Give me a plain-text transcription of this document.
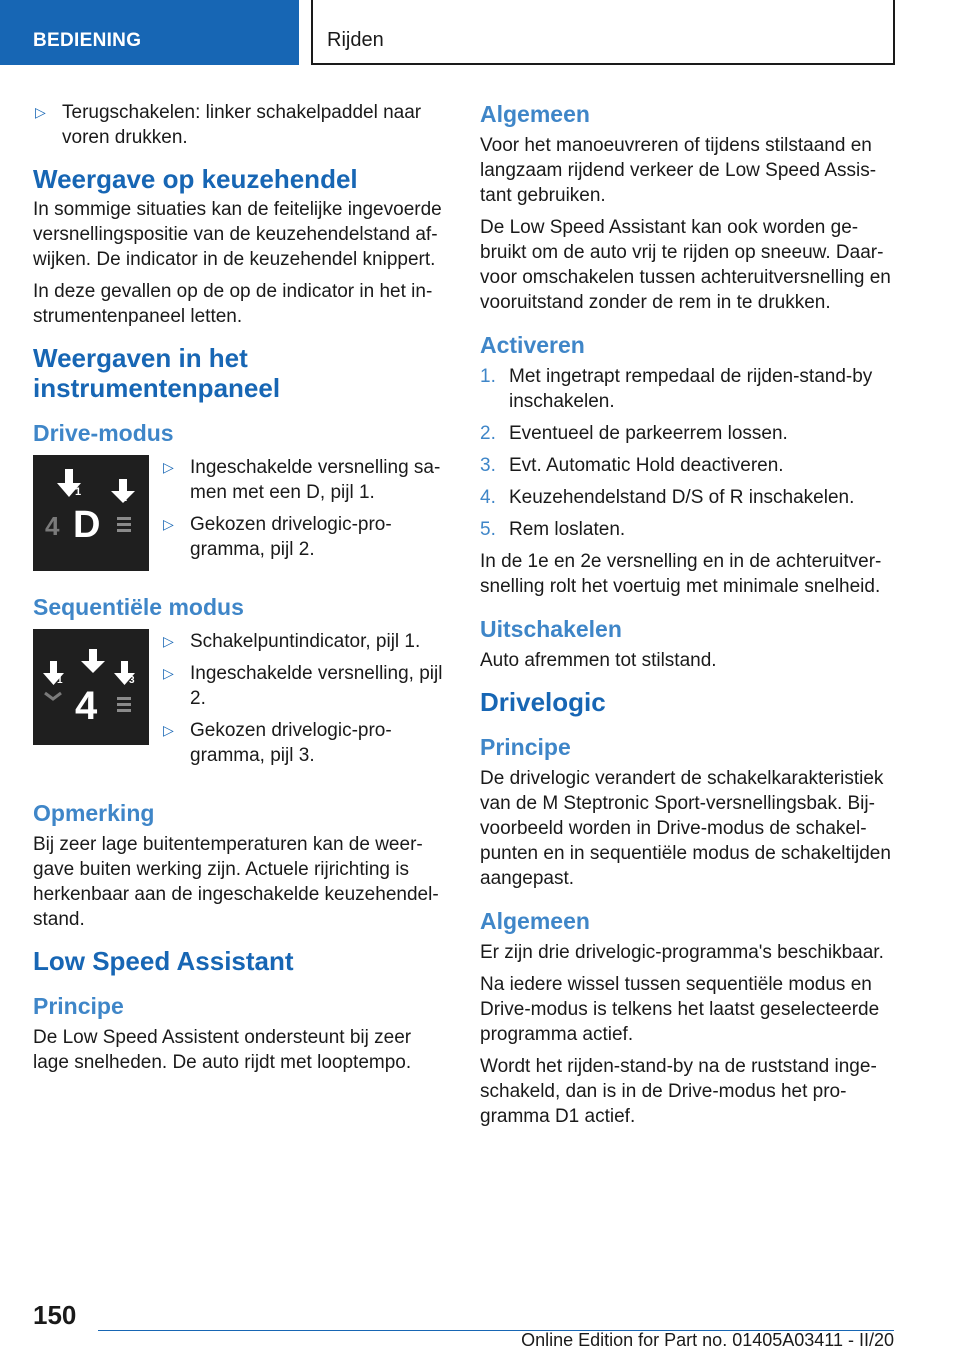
BEDIENING	Rijden
▷ Terugschakelen: linker schakelpaddel naar voren drukken.
Weergave op keuzehendel

In sommige situaties kan de feitelijke ingevoerde versnellingspositie van de keuzehendelstand afwijken. De indicator in de keuzehendel knippert.

In deze gevallen op de op de indicator in het instrumentenpaneel letten.

Weergaven in het instrumentenpaneel
Drive-modus
1	2
4 D
▷ Ingeschakelde versnelling samen met een D, pijl 1.
▷ Gekozen drivelogic-programma, pijl 2.
Sequentiële modus
1
2
3
4
▷ Schakelpuntindicator, pijl 1.
▷ Ingeschakelde versnelling, pijl 2.
▷ Gekozen drivelogic-programma, pijl 3.
Opmerking

Bij zeer lage buitentemperaturen kan de weergave buiten werking zijn. Actuele rijrichting is herkenbaar aan de ingeschakelde keuzehendelstand.

Low Speed Assistant
Principe

De Low Speed Assistent ondersteunt bij zeer lage snelheden. De auto rijdt met looptempo.

Algemeen

Voor het manoeuvreren of tijdens stilstaand en langzaam rijdend verkeer de Low Speed Assistant gebruiken.

De Low Speed Assistant kan ook worden gebruikt om de auto vrij te rijden op sneeuw. Daarvoor omschakelen tussen achteruitversnelling en vooruitstand zonder de rem in te drukken.

Activeren
1. Met ingetrapt rempedaal de rijden-stand-by inschakelen.
2. Eventueel de parkeerrem lossen.
3. Evt. Automatic Hold deactiveren.
4. Keuzehendelstand D/S of R inschakelen.
5. Rem loslaten.

In de 1e en 2e versnelling en in de achteruitversnelling rolt het voertuig met minimale snelheid.

Uitschakelen

Auto afremmen tot stilstand.

Drivelogic
Principe

De drivelogic verandert de schakelkarakteristiek van de M Steptronic Sport-versnellingsbak. Bijvoorbeeld worden in Drive-modus de schakelpunten en in sequentiële modus de schakeltijden aangepast.

Algemeen

Er zijn drie drivelogic-programma's beschikbaar.

Na iedere wissel tussen sequentiële modus en Drive-modus is telkens het laatst geselecteerde programma actief.

Wordt het rijden-stand-by na de ruststand ingeschakeld, dan is in de Drive-modus het programma D1 actief.

150
Online Edition for Part no. 01405A03411 - II/20
